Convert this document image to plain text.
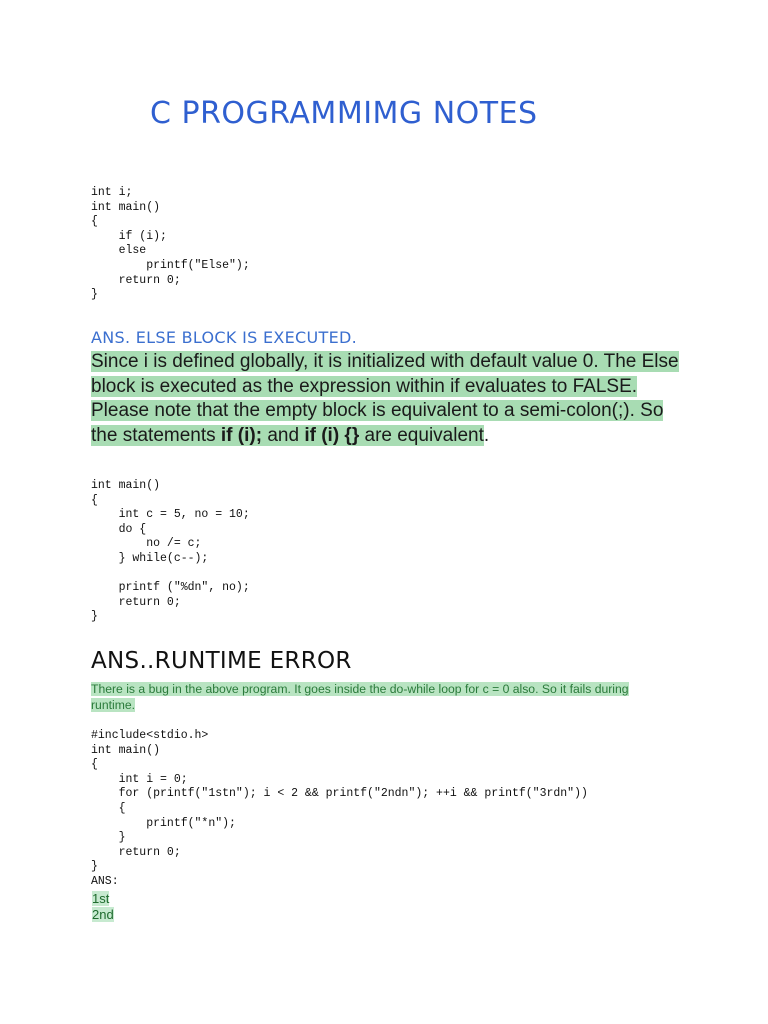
C PROGRAMMIMG NOTES
int i;
int main()
{
if (i);
else
printf("Else");
return 0;
}
ANS. ELSE BLOCK IS EXECUTED.
Since i is defined globally, it is initialized with default value 0. The Else block is executed as the expression within if evaluates to FALSE. Please note that the empty block is equivalent to a semi-colon(;). So the statements if (i); and if (i) {} are equivalent.
int main()
{
int c = 5, no = 10;
do {
no /= c;
} while(c--);

printf ("%dn", no);
return 0;
}
ANS..RUNTIME ERROR
There is a bug in the above program. It goes inside the do-while loop for c = 0 also. So it fails during runtime.
#include<stdio.h>
int main()
{
int i = 0;
for (printf("1stn"); i < 2 && printf("2ndn"); ++i && printf("3rdn"))
{
printf("*n");
}
return 0;
}
ANS:
1st
2nd
